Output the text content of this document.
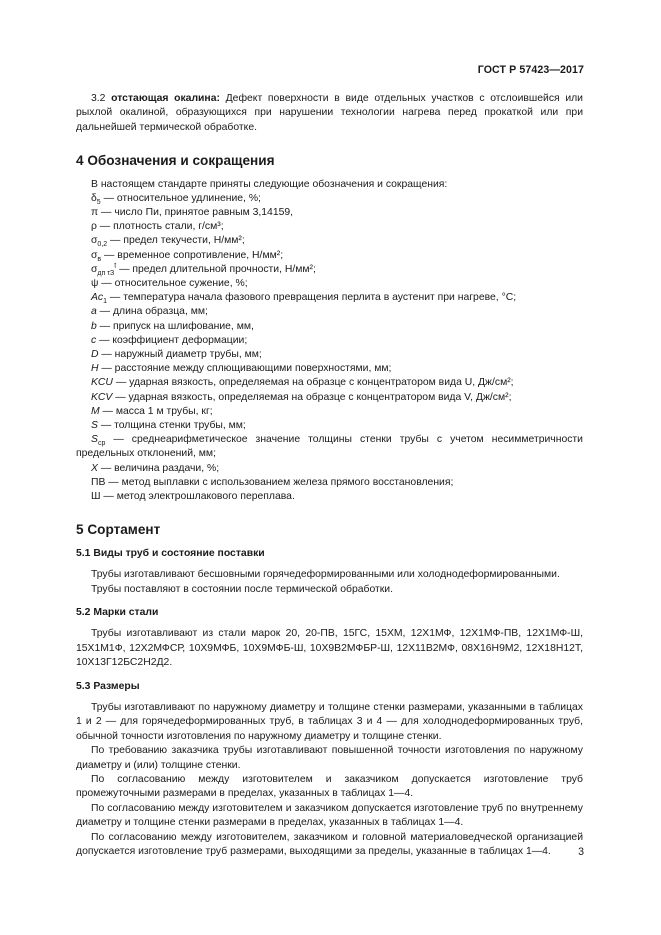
ГОСТ Р 57423—2017

3.2 отстающая окалина: Дефект поверхности в виде отдельных участков с отслоившейся или рыхлой окалиной, образующихся при нарушении технологии нагрева перед прокаткой или при дальнейшей термической обработке.

4 Обозначения и сокращения

В настоящем стандарте приняты следующие обозначения и сокращения:

$\delta_5$ — относительное удлинение, %;

π — число Пи, принятое равным 3,14159,

ρ — плотность стали, г/см³;

$\sigma_{0,2}$ — предел текучести, Н/мм²;

$\sigma_в$ — временное сопротивление, Н/мм²;

$\sigma_{дп \tau З}^t$ — предел длительной прочности, Н/мм²;

ψ — относительное сужение, %;

$Ac_1$ — температура начала фазового превращения перлита в аустенит при нагреве, °С;

a — длина образца, мм;

b — припуск на шлифование, мм,

c — коэффициент деформации;

D — наружный диаметр трубы, мм;

H — расстояние между сплющивающими поверхностями, мм;

KCU — ударная вязкость, определяемая на образце с концентратором вида U, Дж/см²;

KCV — ударная вязкость, определяемая на образце с концентратором вида V, Дж/см²;

M — масса 1 м трубы, кг;

S — толщина стенки трубы, мм;

$S_{ср}$ — среднеарифметическое значение толщины стенки трубы с учетом несимметричности предельных отклонений, мм;

X — величина раздачи, %;

ПВ — метод выплавки с использованием железа прямого восстановления;

Ш — метод электрошлакового переплава.

5 Сортамент
5.1 Виды труб и состояние поставки

Трубы изготавливают бесшовными горячедеформированными или холоднодеформированными.

Трубы поставляют в состоянии после термической обработки.

5.2 Марки стали

Трубы изготавливают из стали марок 20, 20-ПВ, 15ГС, 15ХМ, 12Х1МФ, 12Х1МФ-ПВ, 12Х1МФ-Ш, 15Х1М1Ф, 12Х2МФСР, 10Х9МФБ, 10Х9МФБ-Ш, 10Х9В2МФБР-Ш, 12Х11В2МФ, 08Х16Н9М2, 12Х18Н12Т, 10Х13Г12БС2Н2Д2.

5.3 Размеры

Трубы изготавливают по наружному диаметру и толщине стенки размерами, указанными в таблицах 1 и 2 — для горячедеформированных труб, в таблицах 3 и 4 — для холоднодеформированных труб, обычной точности изготовления по наружному диаметру и толщине стенки.

По требованию заказчика трубы изготавливают повышенной точности изготовления по наружному диаметру и (или) толщине стенки.

По согласованию между изготовителем и заказчиком допускается изготовление труб промежуточными размерами в пределах, указанных в таблицах 1—4.

По согласованию между изготовителем и заказчиком допускается изготовление труб по внутреннему диаметру и толщине стенки размерами в пределах, указанных в таблицах 1—4.

По согласованию между изготовителем, заказчиком и головной материаловедческой организацией допускается изготовление труб размерами, выходящими за пределы, указанные в таблицах 1—4.	3
